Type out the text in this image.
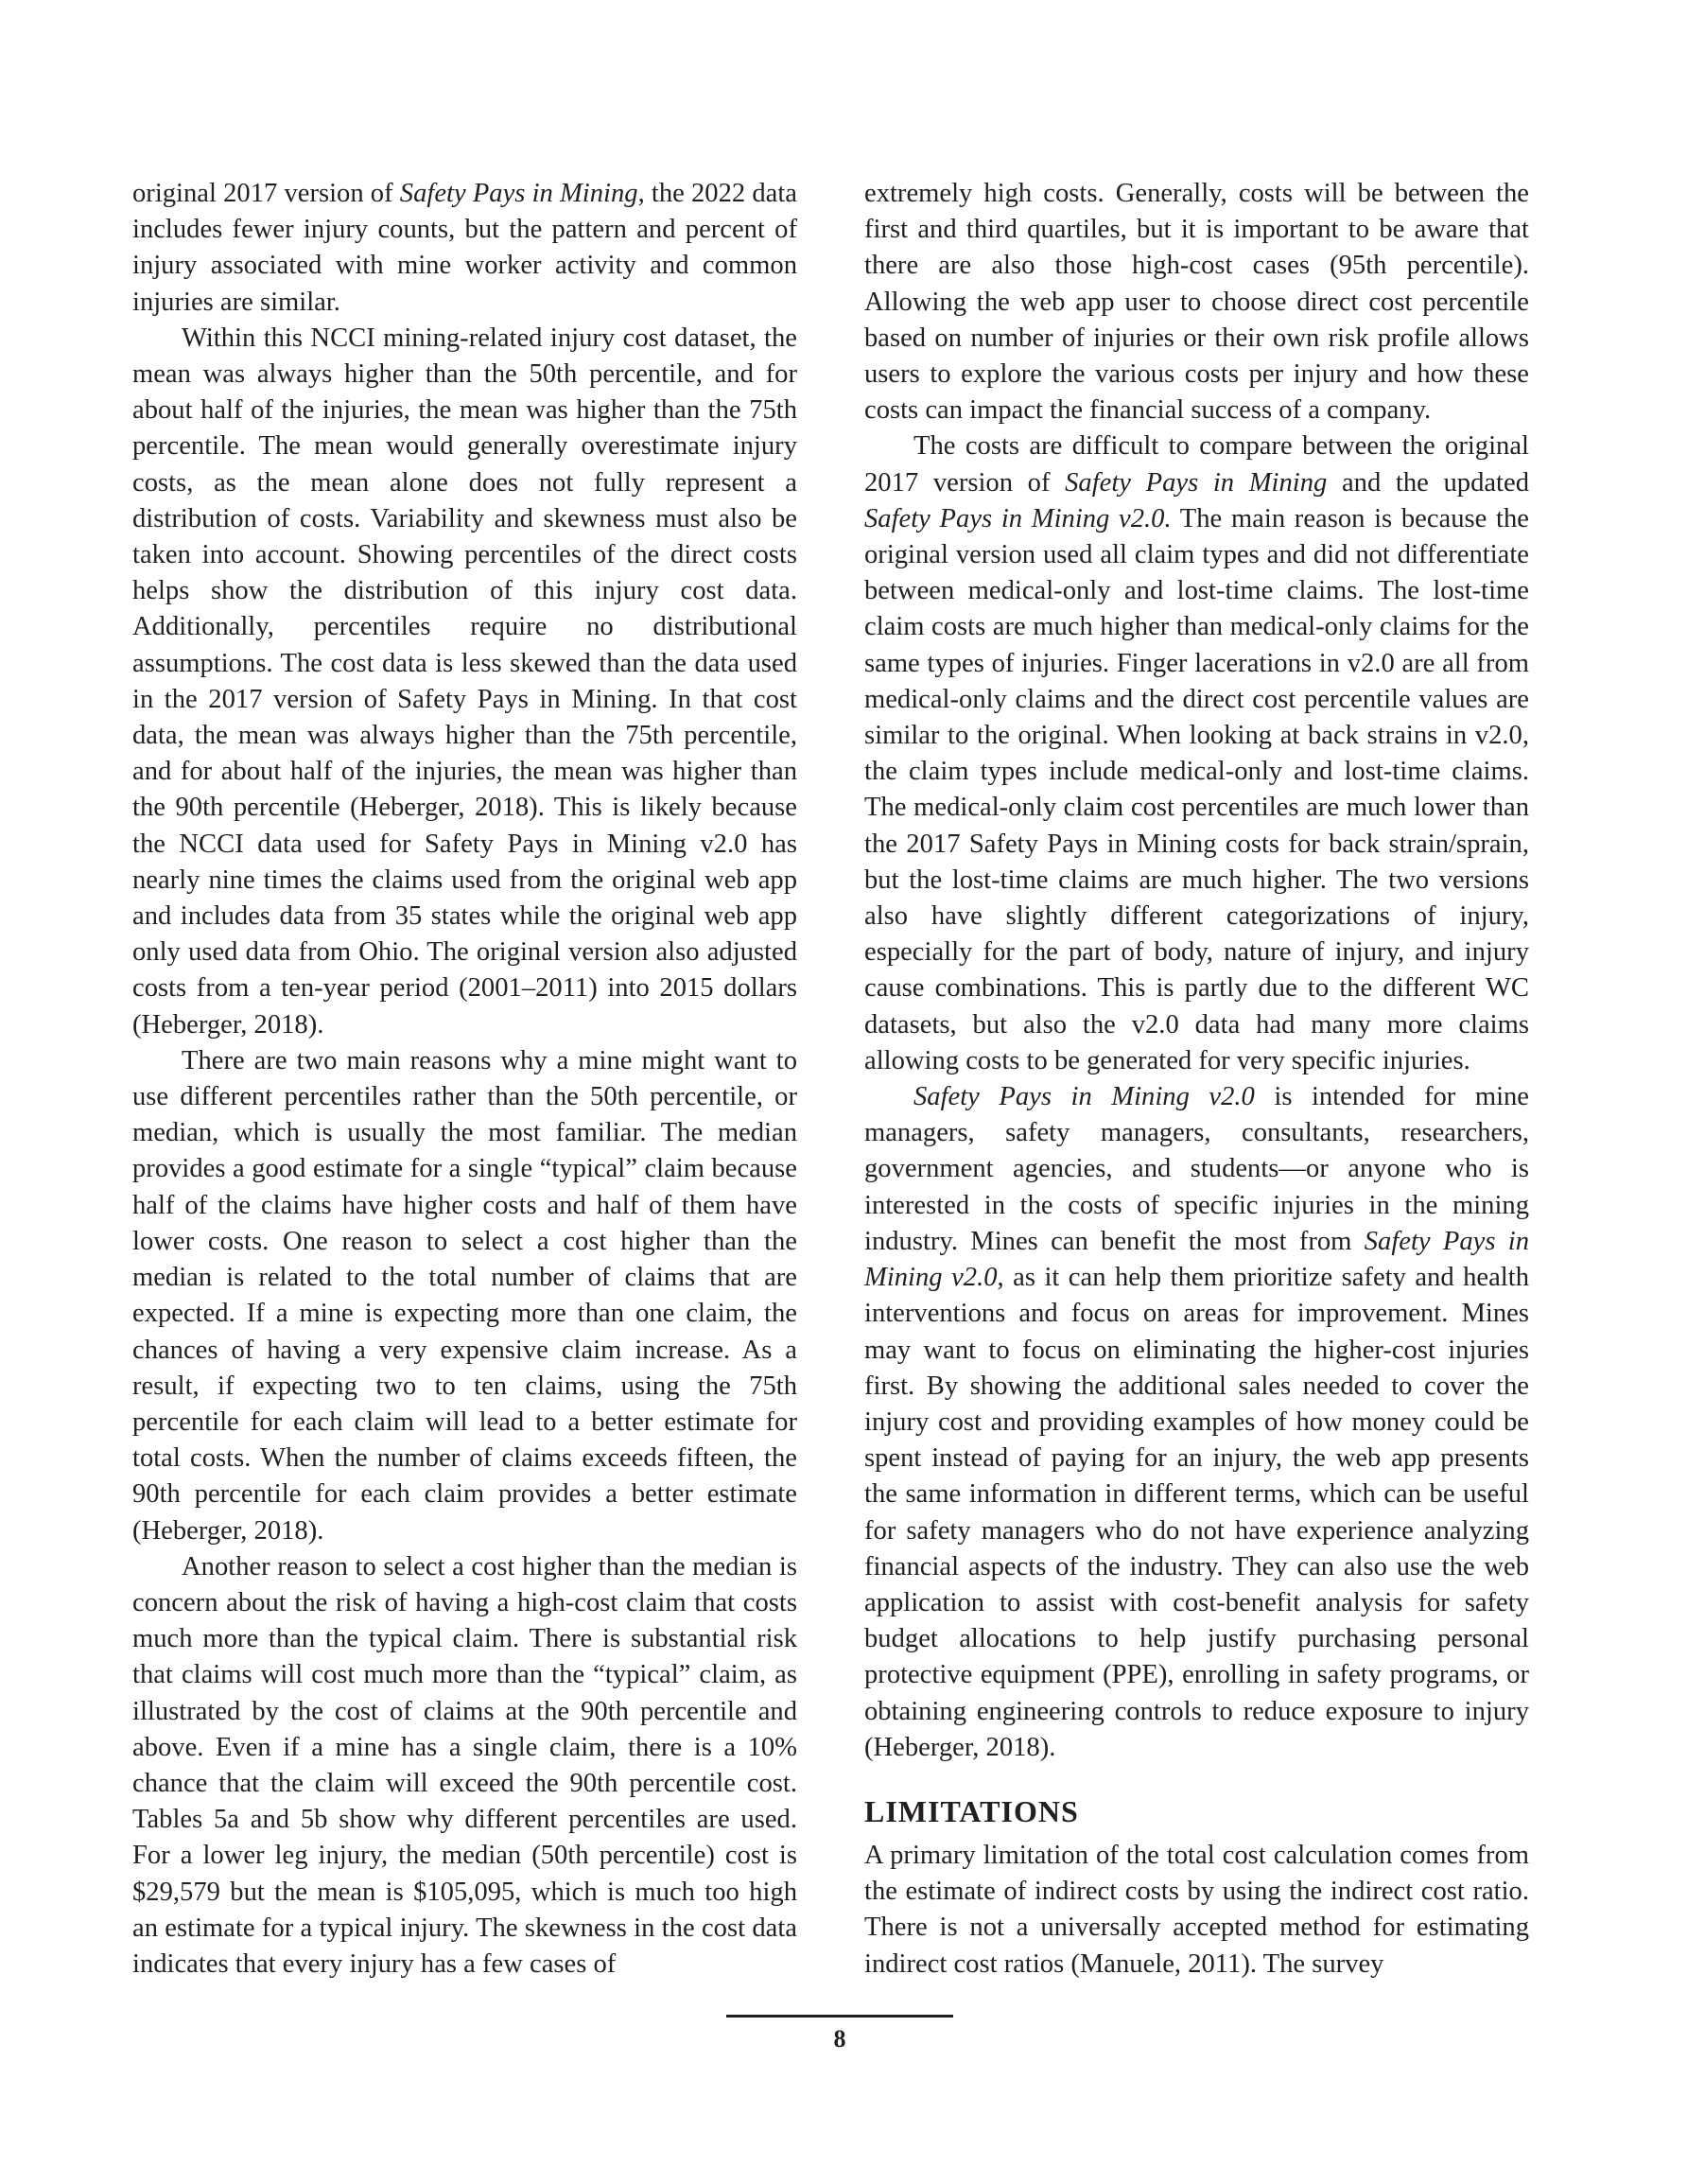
original 2017 version of Safety Pays in Mining, the 2022 data includes fewer injury counts, but the pattern and percent of injury associated with mine worker activity and common injuries are similar.

Within this NCCI mining-related injury cost dataset, the mean was always higher than the 50th percentile, and for about half of the injuries, the mean was higher than the 75th percentile. The mean would generally overestimate injury costs, as the mean alone does not fully represent a distribution of costs. Variability and skewness must also be taken into account. Showing percentiles of the direct costs helps show the distribution of this injury cost data. Additionally, percentiles require no distributional assumptions. The cost data is less skewed than the data used in the 2017 version of Safety Pays in Mining. In that cost data, the mean was always higher than the 75th percentile, and for about half of the injuries, the mean was higher than the 90th percentile (Heberger, 2018). This is likely because the NCCI data used for Safety Pays in Mining v2.0 has nearly nine times the claims used from the original web app and includes data from 35 states while the original web app only used data from Ohio. The original version also adjusted costs from a ten-year period (2001–2011) into 2015 dollars (Heberger, 2018).

There are two main reasons why a mine might want to use different percentiles rather than the 50th percentile, or median, which is usually the most familiar. The median provides a good estimate for a single “typical” claim because half of the claims have higher costs and half of them have lower costs. One reason to select a cost higher than the median is related to the total number of claims that are expected. If a mine is expecting more than one claim, the chances of having a very expensive claim increase. As a result, if expecting two to ten claims, using the 75th percentile for each claim will lead to a better estimate for total costs. When the number of claims exceeds fifteen, the 90th percentile for each claim provides a better estimate (Heberger, 2018).

Another reason to select a cost higher than the median is concern about the risk of having a high-cost claim that costs much more than the typical claim. There is substantial risk that claims will cost much more than the “typical” claim, as illustrated by the cost of claims at the 90th percentile and above. Even if a mine has a single claim, there is a 10% chance that the claim will exceed the 90th percentile cost. Tables 5a and 5b show why different percentiles are used. For a lower leg injury, the median (50th percentile) cost is $29,579 but the mean is $105,095, which is much too high an estimate for a typical injury. The skewness in the cost data indicates that every injury has a few cases of

extremely high costs. Generally, costs will be between the first and third quartiles, but it is important to be aware that there are also those high-cost cases (95th percentile). Allowing the web app user to choose direct cost percentile based on number of injuries or their own risk profile allows users to explore the various costs per injury and how these costs can impact the financial success of a company.

The costs are difficult to compare between the original 2017 version of Safety Pays in Mining and the updated Safety Pays in Mining v2.0. The main reason is because the original version used all claim types and did not differentiate between medical-only and lost-time claims. The lost-time claim costs are much higher than medical-only claims for the same types of injuries. Finger lacerations in v2.0 are all from medical-only claims and the direct cost percentile values are similar to the original. When looking at back strains in v2.0, the claim types include medical-only and lost-time claims. The medical-only claim cost percentiles are much lower than the 2017 Safety Pays in Mining costs for back strain/sprain, but the lost-time claims are much higher. The two versions also have slightly different categorizations of injury, especially for the part of body, nature of injury, and injury cause combinations. This is partly due to the different WC datasets, but also the v2.0 data had many more claims allowing costs to be generated for very specific injuries.

Safety Pays in Mining v2.0 is intended for mine managers, safety managers, consultants, researchers, government agencies, and students—or anyone who is interested in the costs of specific injuries in the mining industry. Mines can benefit the most from Safety Pays in Mining v2.0, as it can help them prioritize safety and health interventions and focus on areas for improvement. Mines may want to focus on eliminating the higher-cost injuries first. By showing the additional sales needed to cover the injury cost and providing examples of how money could be spent instead of paying for an injury, the web app presents the same information in different terms, which can be useful for safety managers who do not have experience analyzing financial aspects of the industry. They can also use the web application to assist with cost-benefit analysis for safety budget allocations to help justify purchasing personal protective equipment (PPE), enrolling in safety programs, or obtaining engineering controls to reduce exposure to injury (Heberger, 2018).

LIMITATIONS

A primary limitation of the total cost calculation comes from the estimate of indirect costs by using the indirect cost ratio. There is not a universally accepted method for estimating indirect cost ratios (Manuele, 2011). The survey

8
